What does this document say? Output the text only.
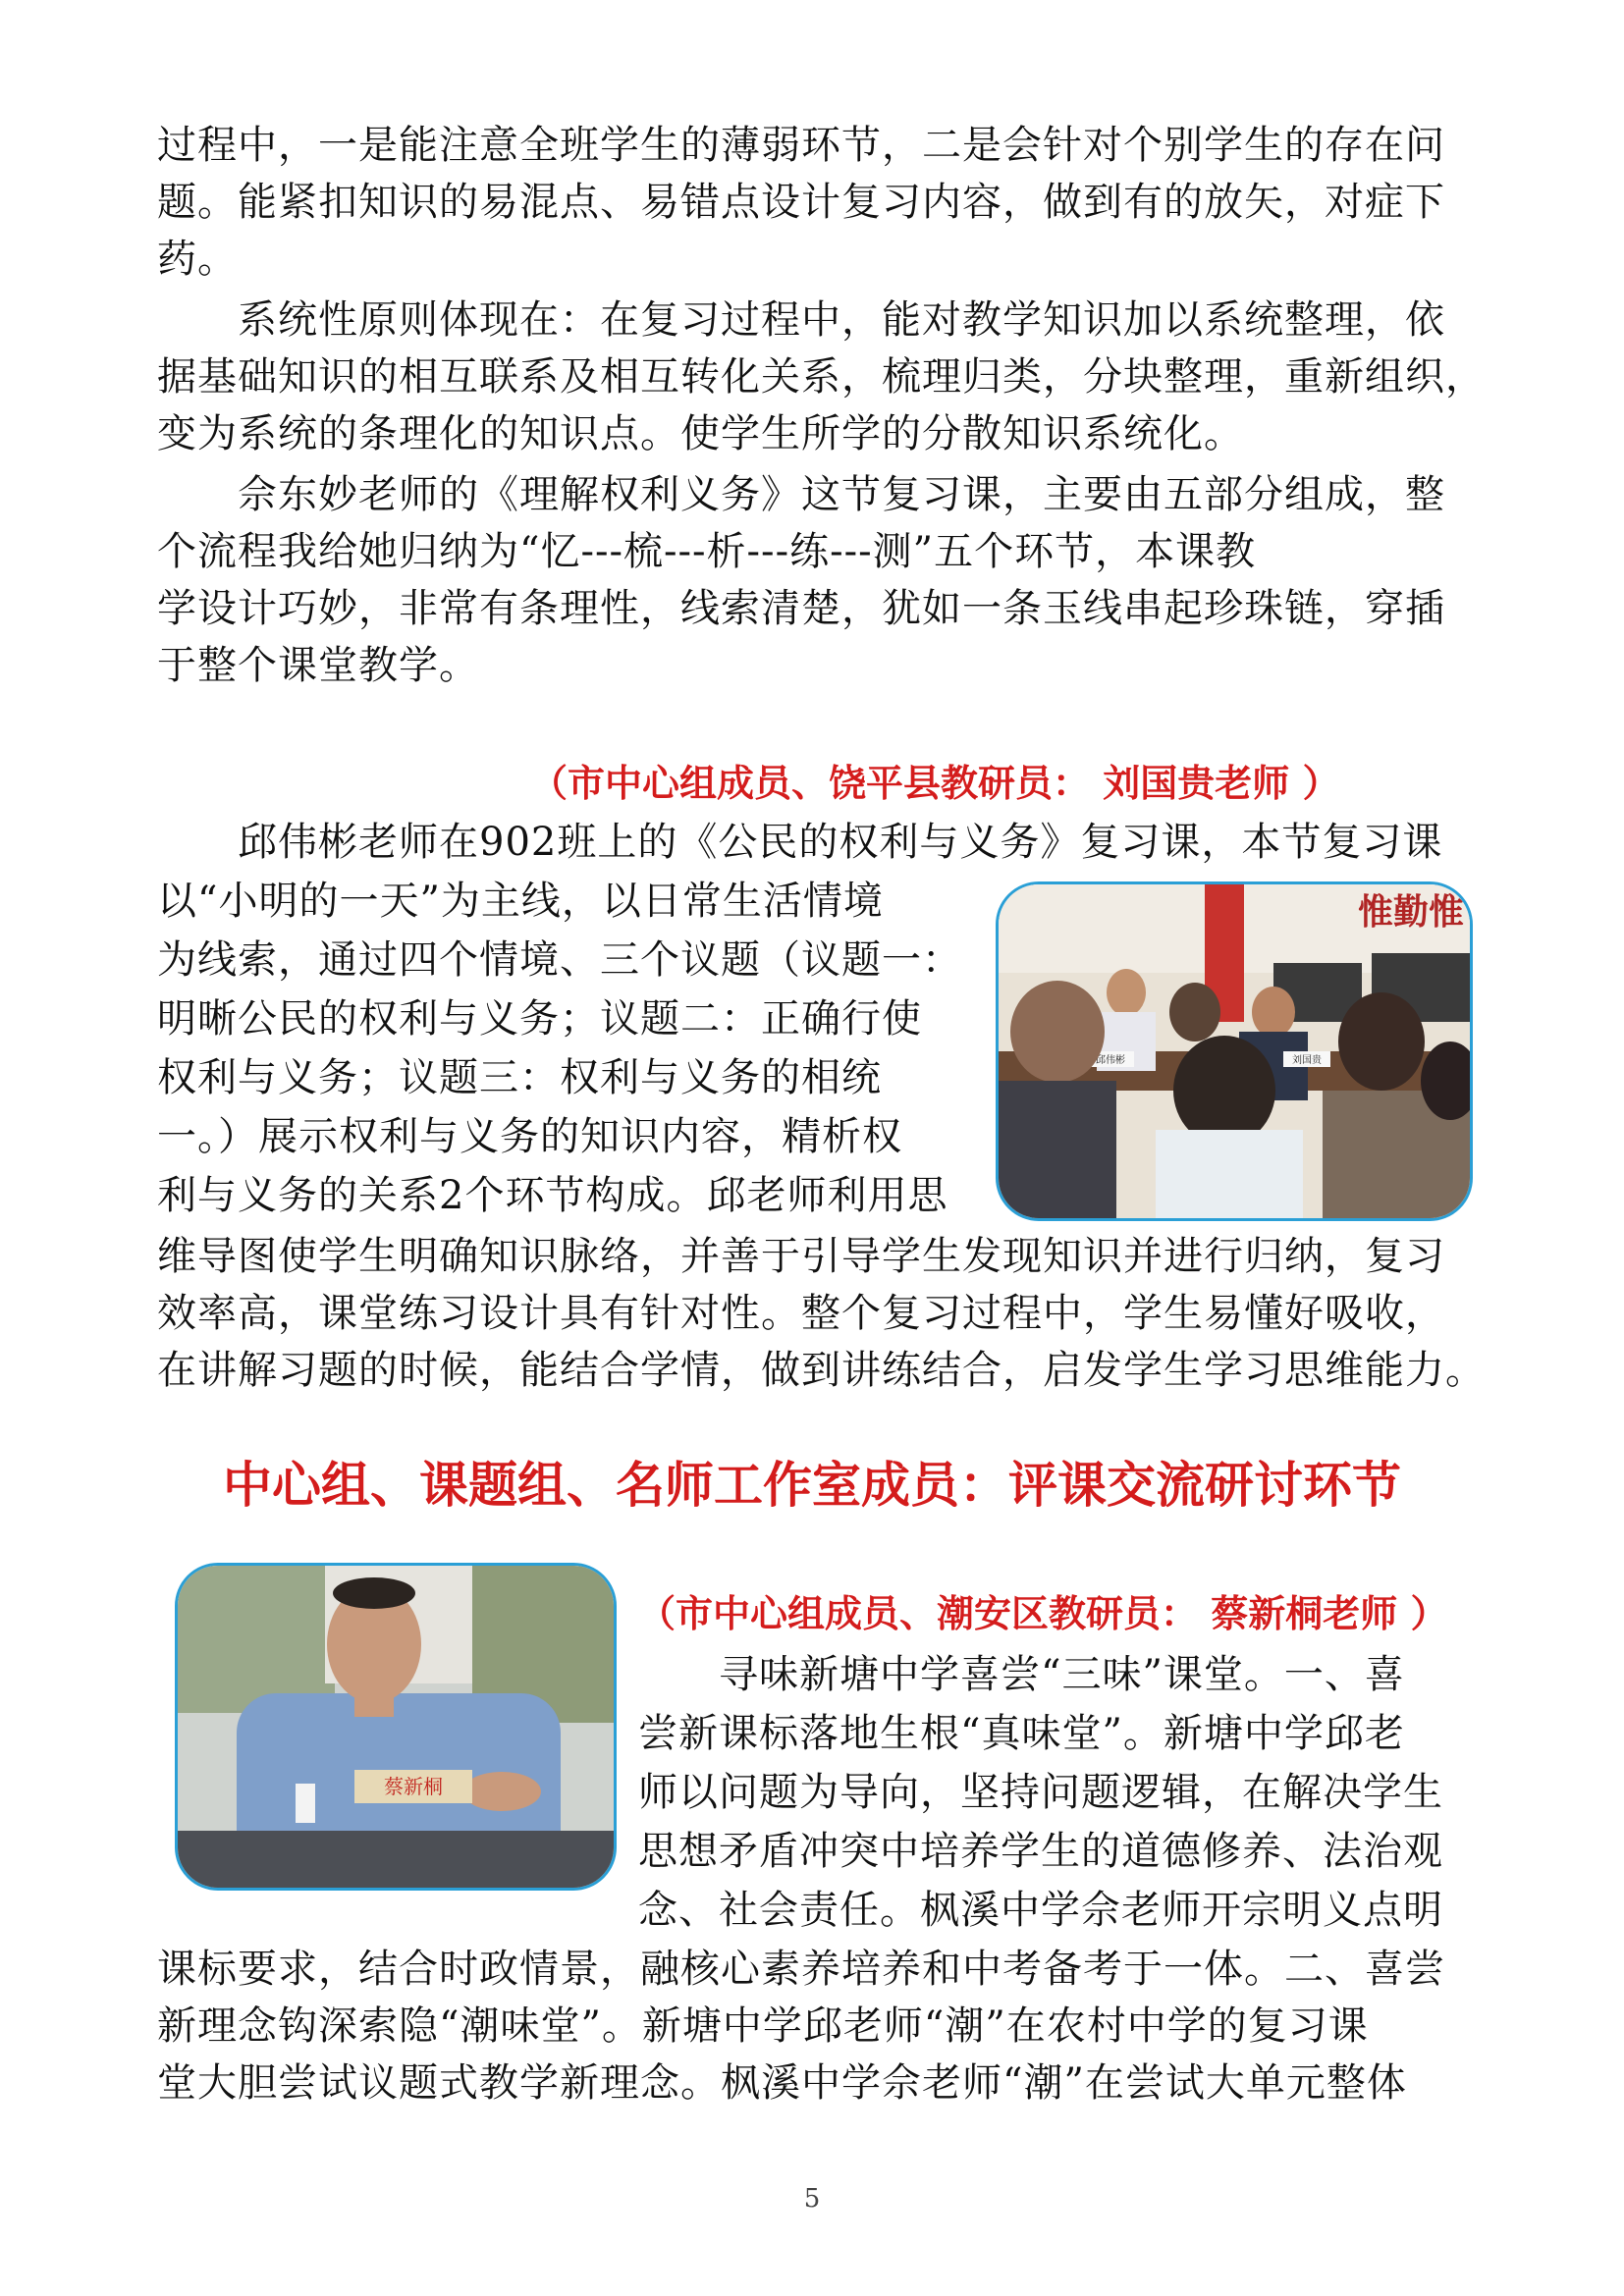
过程中，一是能注意全班学生的薄弱环节，二是会针对个别学生的存在问
题。能紧扣知识的易混点、易错点设计复习内容，做到有的放矢，对症下
药。
　　系统性原则体现在：在复习过程中，能对教学知识加以系统整理，依
据基础知识的相互联系及相互转化关系，梳理归类，分块整理，重新组织，
变为系统的条理化的知识点。使学生所学的分散知识系统化。
　　佘东妙老师的《理解权利义务》这节复习课，主要由五部分组成，整
个流程我给她归纳为“忆---梳---析---练---测”五个环节，本课教
学设计巧妙，非常有条理性，线索清楚，犹如一条玉线串起珍珠链，穿插
于整个课堂教学。
（市中心组成员、饶平县教研员： 刘国贵老师 ）
　　邱伟彬老师在902班上的《公民的权利与义务》复习课，本节复习课
以“小明的一天”为主线，以日常生活情境
为线索，通过四个情境、三个议题（议题一：
明晰公民的权利与义务；议题二：正确行使
权利与义务；议题三：权利与义务的相统
一。）展示权利与义务的知识内容，精析权
利与义务的关系2个环节构成。邱老师利用思
维导图使学生明确知识脉络，并善于引导学生发现知识并进行归纳，复习
效率高，课堂练习设计具有针对性。整个复习过程中，学生易懂好吸收，
在讲解习题的时候，能结合学情，做到讲练结合，启发学生学习思维能力。
惟勤惟
邱伟彬	刘国贵
中心组、课题组、名师工作室成员：评课交流研讨环节
蔡新桐
（市中心组成员、潮安区教研员： 蔡新桐老师 ）
　　寻味新塘中学喜尝“三味”课堂。一、喜
尝新课标落地生根“真味堂”。新塘中学邱老
师以问题为导向，坚持问题逻辑，在解决学生
思想矛盾冲突中培养学生的道德修养、法治观
念、社会责任。枫溪中学佘老师开宗明义点明
课标要求，结合时政情景，融核心素养培养和中考备考于一体。二、喜尝
新理念钩深索隐“潮味堂”。新塘中学邱老师“潮”在农村中学的复习课
堂大胆尝试议题式教学新理念。枫溪中学佘老师“潮”在尝试大单元整体
5
